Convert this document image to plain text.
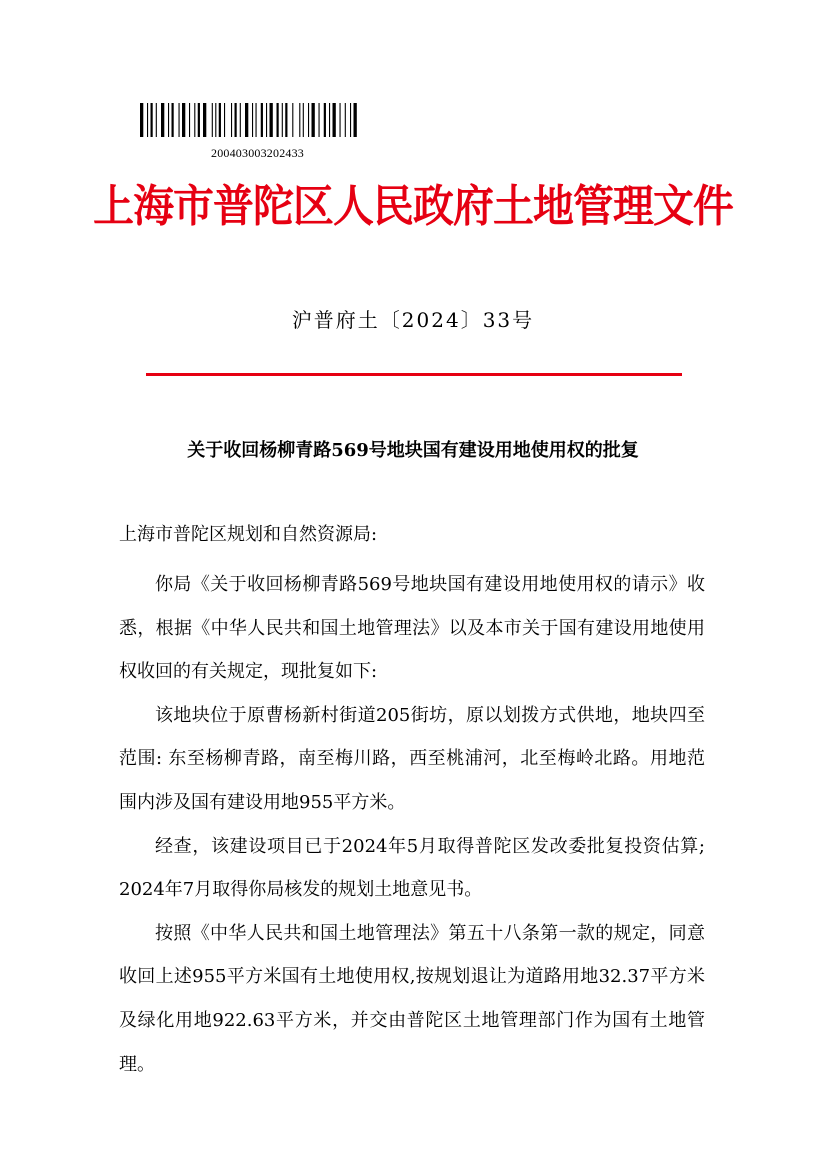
200403003202433
上海市普陀区人民政府土地管理文件
沪普府土〔2024〕33号
关于收回杨柳青路569号地块国有建设用地使用权的批复
上海市普陀区规划和自然资源局:

你局《关于收回杨柳青路569号地块国有建设用地使用权的请示》收悉，根据《中华人民共和国土地管理法》以及本市关于国有建设用地使用权收回的有关规定，现批复如下:

该地块位于原曹杨新村街道205街坊，原以划拨方式供地，地块四至范围: 东至杨柳青路，南至梅川路，西至桃浦河，北至梅岭北路。用地范围内涉及国有建设用地955平方米。

经查，该建设项目已于2024年5月取得普陀区发改委批复投资估算; 2024年7月取得你局核发的规划土地意见书。

按照《中华人民共和国土地管理法》第五十八条第一款的规定，同意收回上述955平方米国有土地使用权,按规划退让为道路用地32.37平方米及绿化用地922.63平方米，并交由普陀区土地管理部门作为国有土地管理。
